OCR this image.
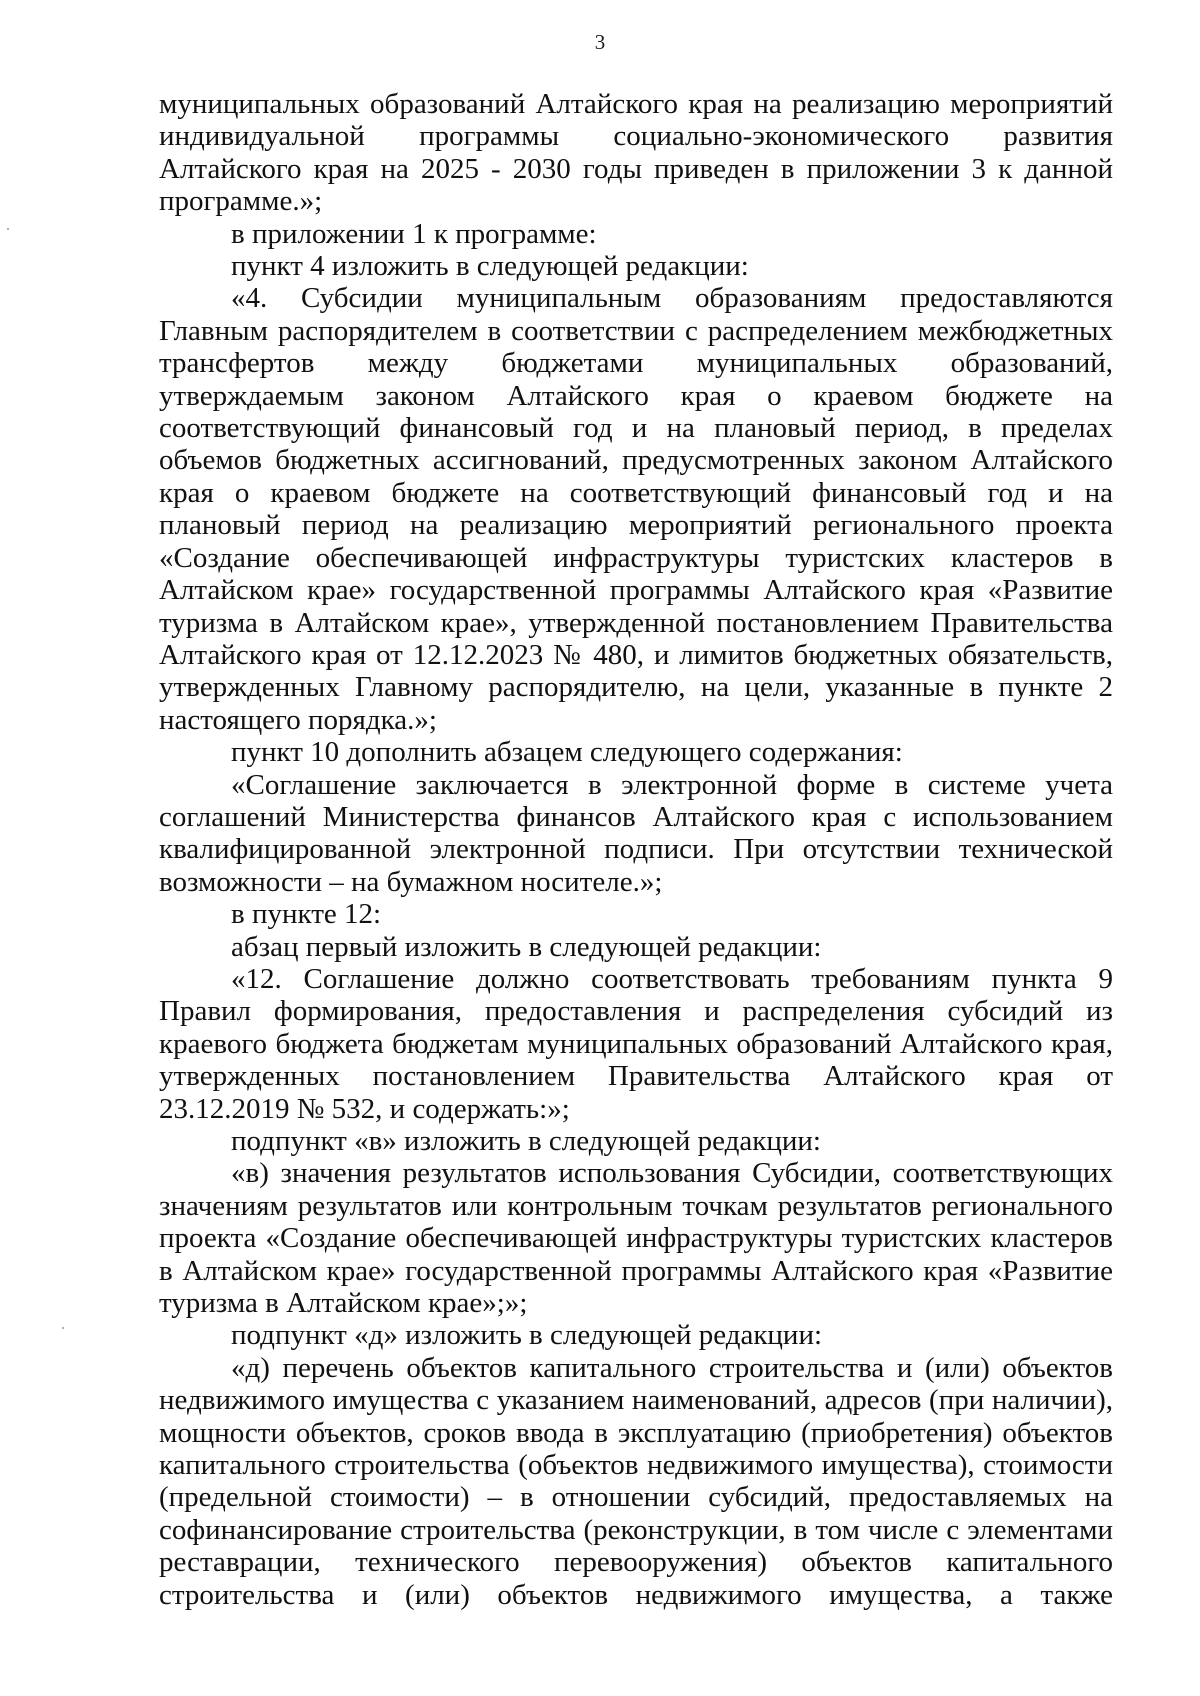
3

муниципальных образований Алтайского края на реализацию мероприятий индивидуальной программы социально-экономического развития Алтайского края на 2025 - 2030 годы приведен в приложении 3 к данной программе.»;

в приложении 1 к программе:

пункт 4 изложить в следующей редакции:

«4. Субсидии муниципальным образованиям предоставляются Главным распорядителем в соответствии с распределением межбюджетных трансфертов между бюджетами муниципальных образований, утверждаемым законом Алтайского края о краевом бюджете на соответствующий финансовый год и на плановый период, в пределах объемов бюджетных ассигнований, предусмотренных законом Алтайского края о краевом бюджете на соответствующий финансовый год и на плановый период на реализацию мероприятий регионального проекта «Создание обеспечивающей инфраструктуры туристских кластеров в Алтайском крае» государственной программы Алтайского края «Развитие туризма в Алтайском крае», утвержденной постановлением Правительства Алтайского края от 12.12.2023 № 480, и лимитов бюджетных обязательств, утвержденных Главному распорядителю, на цели, указанные в пункте 2 настоящего порядка.»;

пункт 10 дополнить абзацем следующего содержания:

«Соглашение заключается в электронной форме в системе учета соглашений Министерства финансов Алтайского края с использованием квалифицированной электронной подписи. При отсутствии технической возможности – на бумажном носителе.»;

в пункте 12:

абзац первый изложить в следующей редакции:

«12. Соглашение должно соответствовать требованиям пункта 9 Правил формирования, предоставления и распределения субсидий из краевого бюджета бюджетам муниципальных образований Алтайского края, утвержденных постановлением Правительства Алтайского края от 23.12.2019 № 532, и содержать:»;

подпункт «в» изложить в следующей редакции:

«в) значения результатов использования Субсидии, соответствующих значениям результатов или контрольным точкам результатов регионального проекта «Создание обеспечивающей инфраструктуры туристских кластеров в Алтайском крае» государственной программы Алтайского края «Развитие туризма в Алтайском крае»;»;

подпункт «д» изложить в следующей редакции:

«д) перечень объектов капитального строительства и (или) объектов недвижимого имущества с указанием наименований, адресов (при наличии), мощности объектов, сроков ввода в эксплуатацию (приобретения) объектов капитального строительства (объектов недвижимого имущества), стоимости (предельной стоимости) – в отношении субсидий, предоставляемых на софинансирование строительства (реконструкции, в том числе с элементами реставрации, технического перевооружения) объектов капитального строительства и (или) объектов недвижимого имущества, а также
